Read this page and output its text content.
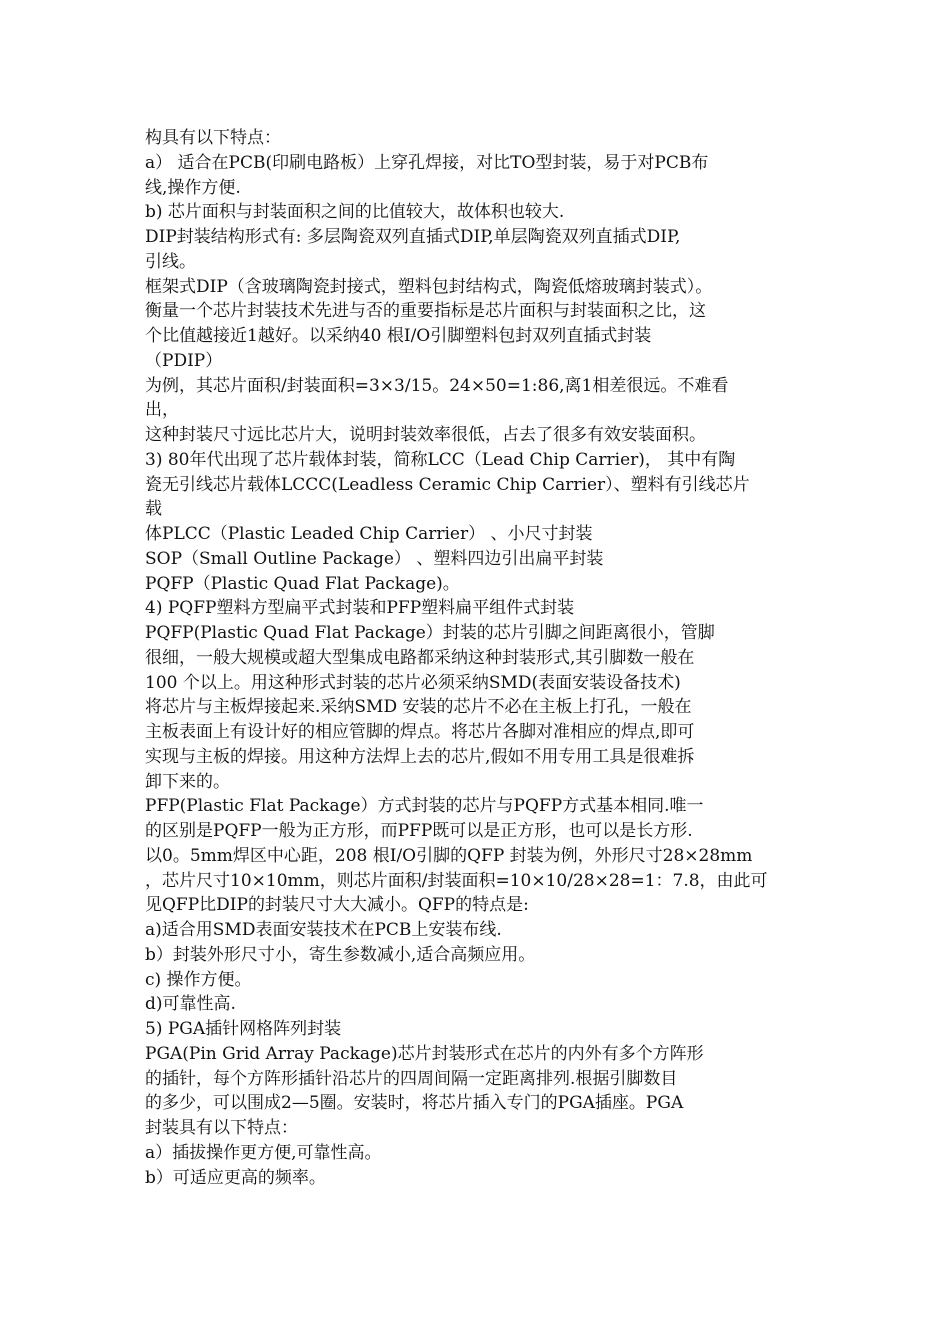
构具有以下特点：
a） 适合在PCB(印刷电路板）上穿孔焊接，对比TO型封装，易于对PCB布
线,操作方便.
b) 芯片面积与封装面积之间的比值较大，故体积也较大.
DIP封装结构形式有: 多层陶瓷双列直插式DIP,单层陶瓷双列直插式DIP,
引线。
框架式DIP（含玻璃陶瓷封接式，塑料包封结构式，陶瓷低熔玻璃封装式）。
衡量一个芯片封装技术先进与否的重要指标是芯片面积与封装面积之比，这
个比值越接近1越好。以采纳40 根I/O引脚塑料包封双列直插式封装
（PDIP）
为例，其芯片面积/封装面积=3×3/15。24×50=1:86,离1相差很远。不难看
出，
这种封装尺寸远比芯片大，说明封装效率很低，占去了很多有效安装面积。
3) 80年代出现了芯片载体封装，简称LCC（Lead Chip Carrier)， 其中有陶
瓷无引线芯片载体LCCC(Leadless Ceramic Chip Carrier）、塑料有引线芯片
载
体PLCC（Plastic Leaded Chip Carrier） 、小尺寸封装
SOP（Small Outline Package） 、塑料四边引出扁平封装
PQFP（Plastic Quad Flat Package)。
4) PQFP塑料方型扁平式封装和PFP塑料扁平组件式封装
PQFP(Plastic Quad Flat Package）封装的芯片引脚之间距离很小，管脚
很细，一般大规模或超大型集成电路都采纳这种封装形式,其引脚数一般在
100 个以上。用这种形式封装的芯片必须采纳SMD(表面安装设备技术)
将芯片与主板焊接起来.采纳SMD 安装的芯片不必在主板上打孔，一般在
主板表面上有设计好的相应管脚的焊点。将芯片各脚对准相应的焊点,即可
实现与主板的焊接。用这种方法焊上去的芯片,假如不用专用工具是很难拆
卸下来的。
PFP(Plastic Flat Package）方式封装的芯片与PQFP方式基本相同.唯一
的区别是PQFP一般为正方形，而PFP既可以是正方形，也可以是长方形.
以0。5mm焊区中心距，208 根I/O引脚的QFP 封装为例，外形尺寸28×28mm
，芯片尺寸10×10mm，则芯片面积/封装面积=10×10/28×28=1：7.8，由此可
见QFP比DIP的封装尺寸大大减小。QFP的特点是:
a)适合用SMD表面安装技术在PCB上安装布线.
b）封装外形尺寸小，寄生参数减小,适合高频应用。
c) 操作方便。
d)可靠性高.
5) PGA插针网格阵列封装
PGA(Pin Grid Array Package)芯片封装形式在芯片的内外有多个方阵形
的插针，每个方阵形插针沿芯片的四周间隔一定距离排列.根据引脚数目
的多少，可以围成2—5圈。安装时，将芯片插入专门的PGA插座。PGA
封装具有以下特点：
a）插拔操作更方便,可靠性高。
b）可适应更高的频率。
